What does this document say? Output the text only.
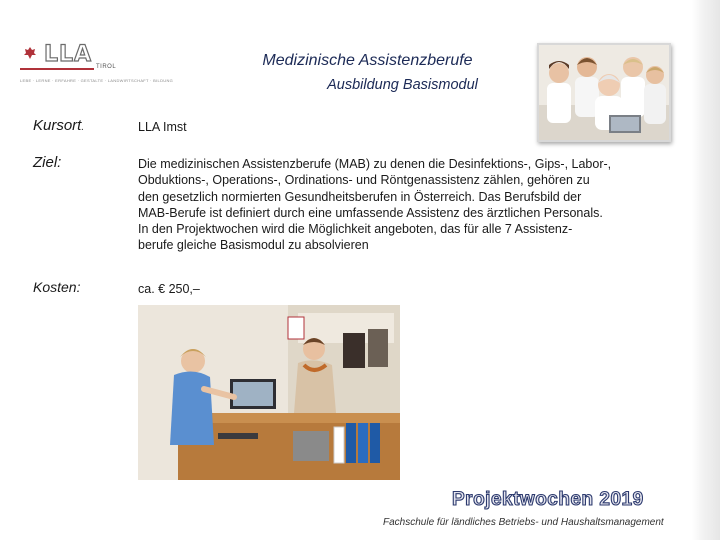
LLA TIROL
LEBE · LERNE · ERFAHRE · GESTALTE · LANDWIRTSCHAFT · BILDUNG
Medizinische Assistenzberufe
Ausbildung Basismodul
Kursort.	LLA Imst
Ziel:	Die medizinischen Assistenzberufe (MAB) zu denen die Desinfektions-, Gips-, Labor-,
Obduktions-, Operations-, Ordinations- und Röntgenassistenz zählen, gehören zu
den gesetzlich normierten Gesundheitsberufen in Österreich. Das Berufsbild der
MAB-Berufe ist definiert durch eine umfassende Assistenz des ärztlichen Personals.
In den Projektwochen wird die Möglichkeit angeboten, das für alle 7 Assistenz-
berufe gleiche Basismodul zu absolvieren
Kosten:	ca. € 250,–
Projektwochen 2019
Fachschule für ländliches Betriebs- und Haushaltsmanagement
